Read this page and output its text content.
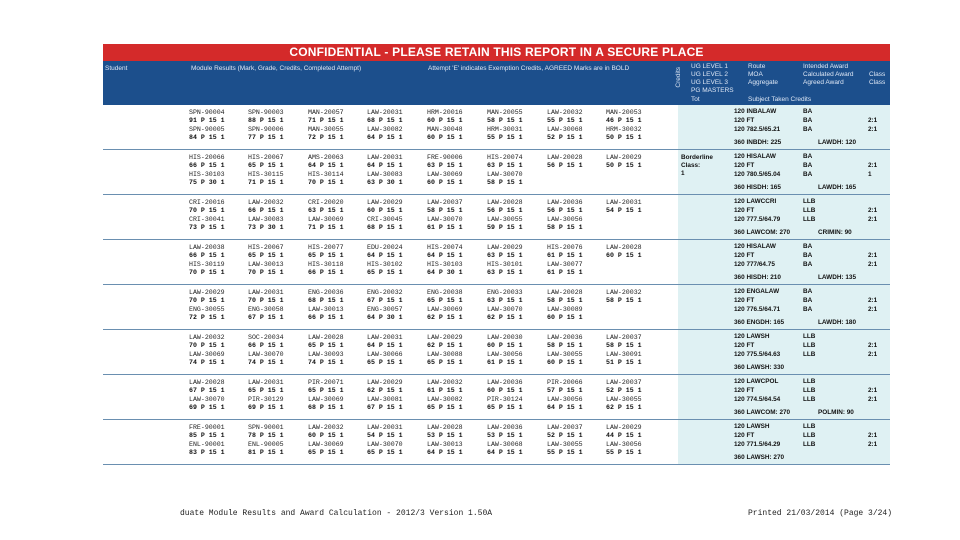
CONFIDENTIAL - PLEASE RETAIN THIS REPORT IN A SECURE PLACE
Student	Module Results (Mark, Grade, Credits, Completed Attempt)	Attempt 'E' indicates Exemption Credits, AGREED Marks are in BOLD	Credits
UG LEVEL 1
UG LEVEL 2
UG LEVEL 3
PG MASTERS
Tot
Route
MOA
Aggregate
Intended Award
Calculated Award
Agreed Award
Class
Class
Subject Taken Credits
SPN-90004	SPN-90003	MAN-20057	LAW-20031	HRM-20016	MAN-20055	LAW-20032	MAN-20053
91 P 15 1	88 P 15 1	71 P 15 1	68 P 15 1	60 P 15 1	58 P 15 1	55 P 15 1	46 P 15 1
SPN-90005	SPN-90006	MAN-30055	LAW-30082	MAN-30048	HRM-30031	LAW-30068	HRM-30032
84 P 15 1	77 P 15 1	72 P 15 1	64 P 15 1	60 P 15 1	55 P 15 1	52 P 15 1	50 P 15 1
120 INBALAW	BA
120 FT	BA	2:1
120 782.5/65.21	BA	2:1
360 INBDH: 225	LAWDH: 120
HIS-20066	HIS-20067	AMS-20063	LAW-20031	FRE-90006	HIS-20074	LAW-20028	LAW-20029
66 P 15 1	65 P 15 1	64 P 15 1	64 P 15 1	63 P 15 1	63 P 15 1	56 P 15 1	50 P 15 1
HIS-30103	HIS-30115	HIS-30114	LAW-30083	LAW-30069	LAW-30070
75 P 30 1	71 P 15 1	70 P 15 1	63 P 30 1	60 P 15 1	58 P 15 1
Borderline Class:
1
120 HISALAW	BA
120 FT	BA	2:1
120 780.5/65.04	BA	1
360 HISDH: 165	LAWDH: 165
CRI-20016	LAW-20032	CRI-20020	LAW-20029	LAW-20037	LAW-20028	LAW-20036	LAW-20031
70 P 15 1	66 P 15 1	63 P 15 1	60 P 15 1	58 P 15 1	56 P 15 1	56 P 15 1	54 P 15 1
CRI-30041	LAW-30083	LAW-30069	CRI-30045	LAW-30070	LAW-30055	LAW-30056
73 P 15 1	73 P 30 1	71 P 15 1	68 P 15 1	61 P 15 1	59 P 15 1	58 P 15 1
120 LAWCCRI	LLB
120 FT	LLB	2:1
120 777.5/64.79	LLB	2:1
360 LAWCOM: 270	CRIMIN: 90
LAW-20038	HIS-20067	HIS-20077	EDU-20024	HIS-20074	LAW-20029	HIS-20076	LAW-20028
66 P 15 1	65 P 15 1	65 P 15 1	64 P 15 1	64 P 15 1	63 P 15 1	61 P 15 1	60 P 15 1
HIS-30119	LAW-30013	HIS-30118	HIS-30102	HIS-30103	HIS-30101	LAW-30077
70 P 15 1	70 P 15 1	66 P 15 1	65 P 15 1	64 P 30 1	63 P 15 1	61 P 15 1
120 HISALAW	BA
120 FT	BA	2:1
120 777/64.75	BA	2:1
360 HISDH: 210	LAWDH: 135
LAW-20029	LAW-20031	ENG-20036	ENG-20032	ENG-20038	ENG-20033	LAW-20028	LAW-20032
70 P 15 1	70 P 15 1	68 P 15 1	67 P 15 1	65 P 15 1	63 P 15 1	58 P 15 1	58 P 15 1
ENG-30055	ENG-30058	LAW-30013	ENG-30057	LAW-30069	LAW-30070	LAW-30089
72 P 15 1	67 P 15 1	66 P 15 1	64 P 30 1	62 P 15 1	62 P 15 1	60 P 15 1
120 ENGALAW	BA
120 FT	BA	2:1
120 776.5/64.71	BA	2:1
360 ENGDH: 165	LAWDH: 180
LAW-20032	SOC-20034	LAW-20028	LAW-20031	LAW-20029	LAW-20030	LAW-20036	LAW-20037
70 P 15 1	66 P 15 1	65 P 15 1	64 P 15 1	62 P 15 1	60 P 15 1	58 P 15 1	58 P 15 1
LAW-30069	LAW-30070	LAW-30093	LAW-30066	LAW-30088	LAW-30056	LAW-30055	LAW-30091
74 P 15 1	74 P 15 1	74 P 15 1	65 P 15 1	65 P 15 1	61 P 15 1	60 P 15 1	51 P 15 1
120 LAWSH	LLB
120 FT	LLB	2:1
120 775.5/64.63	LLB	2:1
360 LAWSH: 330
LAW-20028	LAW-20031	PIR-20071	LAW-20029	LAW-20032	LAW-20036	PIR-20066	LAW-20037
67 P 15 1	65 P 15 1	65 P 15 1	62 P 15 1	61 P 15 1	60 P 15 1	57 P 15 1	52 P 15 1
LAW-30070	PIR-30129	LAW-30069	LAW-30081	LAW-30082	PIR-30124	LAW-30056	LAW-30055
69 P 15 1	69 P 15 1	68 P 15 1	67 P 15 1	65 P 15 1	65 P 15 1	64 P 15 1	62 P 15 1
120 LAWCPOL	LLB
120 FT	LLB	2:1
120 774.5/64.54	LLB	2:1
360 LAWCOM: 270	POLMIN: 90
FRE-90001	SPN-90001	LAW-20032	LAW-20031	LAW-20028	LAW-20036	LAW-20037	LAW-20029
85 P 15 1	78 P 15 1	60 P 15 1	54 P 15 1	53 P 15 1	53 P 15 1	52 P 15 1	44 P 15 1
ENL-90001	ENL-90005	LAW-30069	LAW-30070	LAW-30013	LAW-30068	LAW-30055	LAW-30056
83 P 15 1	81 P 15 1	65 P 15 1	65 P 15 1	64 P 15 1	64 P 15 1	55 P 15 1	55 P 15 1
120 LAWSH	LLB
120 FT	LLB	2:1
120 771.5/64.29	LLB	2:1
360 LAWSH: 270
duate Module Results and Award Calculation - 2012/3 Version 1.50A	Printed 21/03/2014 (Page 3/24)
